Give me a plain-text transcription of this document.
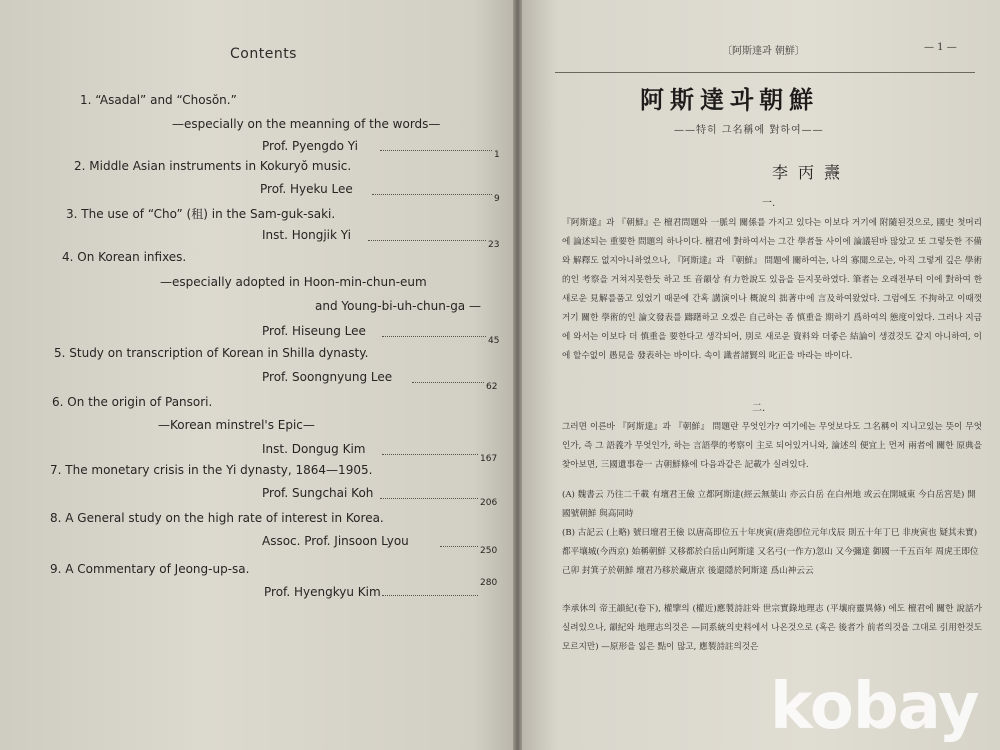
Contents
1. “Asadal” and “Chosŏn.”
—especially on the meanning of the words—
Prof. Pyengdo Yi
1
2. Middle Asian instruments in Kokuryŏ music.
Prof. Hyeku Lee
9
3. The use of “Cho” (租) in the Sam-guk-saki.
Inst. Hongjik Yi
23
4. On Korean infixes.
—especially adopted in Hoon-min-chun-eum
and Young-bi-uh-chun-ga —
Prof. Hiseung Lee
45
5. Study on transcription of Korean in Shilla dynasty.
Prof. Soongnyung Lee
62
6. On the origin of Pansori.
—Korean minstrel's Epic—
Inst. Dongug Kim
167
7. The monetary crisis in the Yi dynasty, 1864—1905.
Prof. Sungchai Koh
206
8. A General study on the high rate of interest in Korea.
Assoc. Prof. Jinsoon Lyou
250
9. A Commentary of Jeong-up-sa.
Prof. Hyengkyu Kim
280
〔阿斯達과 朝鮮〕	— 1 —
阿斯達과朝鮮
——特히 그名稱에 對하여——
李丙燾
一.
『阿斯達』과 『朝鮮』은 檀君問題와 一脈의 關係를 가지고 있다는 이보다 거기에 附隨된것으로, 國史 첫머리에 論述되는 重要한 問題의 하나이다. 檀君에 對하여서는 그간 學者들 사이에 論議된바 많았고 또 그렇듯한 不備와 解釋도 없지아니하였으나, 『阿斯達』과 『朝鮮』 問題에 關하여는, 나의 寡聞으로는, 아직 그렇게 깊은 學術的인 考察을 거쳐지못한듯 하고 또 音韻상 有力한說도 있음을 듣지못하였다. 筆者는 오래전부터 이에 對하여 한 새로운 見解를품고 있었기 때문에 간혹 講演이나 概說의 拙著中에 言及하여왔었다. 그럼에도 不拘하고 이때껏 거기 關한 學術的인 論文發表를 躊躇하고 오겠은 自己하는 좀 慎重을 期하기 爲하여의 態度이었다. 그러나 지금에 와서는 이보다 더 慎重을 要한다고 생각되어, 別로 새로운 資料와 더좋은 結論이 생겼것도 같지 아니하여, 이에 할수없이 愚見을 發表하는 바이다. 속이 識者諸賢의 叱正을 바라는 바이다.
二.
그러면 이른바 『阿斯達』과 『朝鮮』 問題란 무엇인가? 여기에는 무엇보다도 그名稱이 지니고있는 뜻이 무엇인가, 즉 그 語義가 무엇인가, 하는 言語學的考察이 主로 되어있거니와, 論述의 便宜上 먼저 兩者에 關한 原典을 찾아보면, 三國遺事卷一 古朝鮮條에 다음과같은 記載가 실려있다.
(A) 魏書云 乃往二千載 有壇君王儉 立都阿斯達(經云無葉山 亦云白岳 在白州地 或云在開城東 今白岳宮是) 開國號朝鮮 與高同時
(B) 古記云 (上略) 號曰壇君王儉 以唐高即位五十年庚寅(唐堯卽位元年戊辰 則五十年丁巳 非庚寅也 疑其未實) 都平壤城(今西京) 始稱朝鮮 又移都於白岳山阿斯達 又名弓(一作方)忽山 又今彌達 御國一千五百年 周虎王即位己卯 封箕子於朝鮮 壇君乃移於藏唐京 後還隱於阿斯達 爲山神云云
李承休의 帝王韻紀(卷下), 權擥의 (權近)應製詩註와 世宗實錄地理志 (平壤府靈異條) 에도 檀君에 關한 說話가 실려있으나, 韻紀와 地理志의것은 —同系統의史料에서 나온것으로 (혹은 後者가 前者의것을 그대로 引用한것도 모르지만) —原形을 잃은 點이 많고, 應製詩註의것은
kobay
